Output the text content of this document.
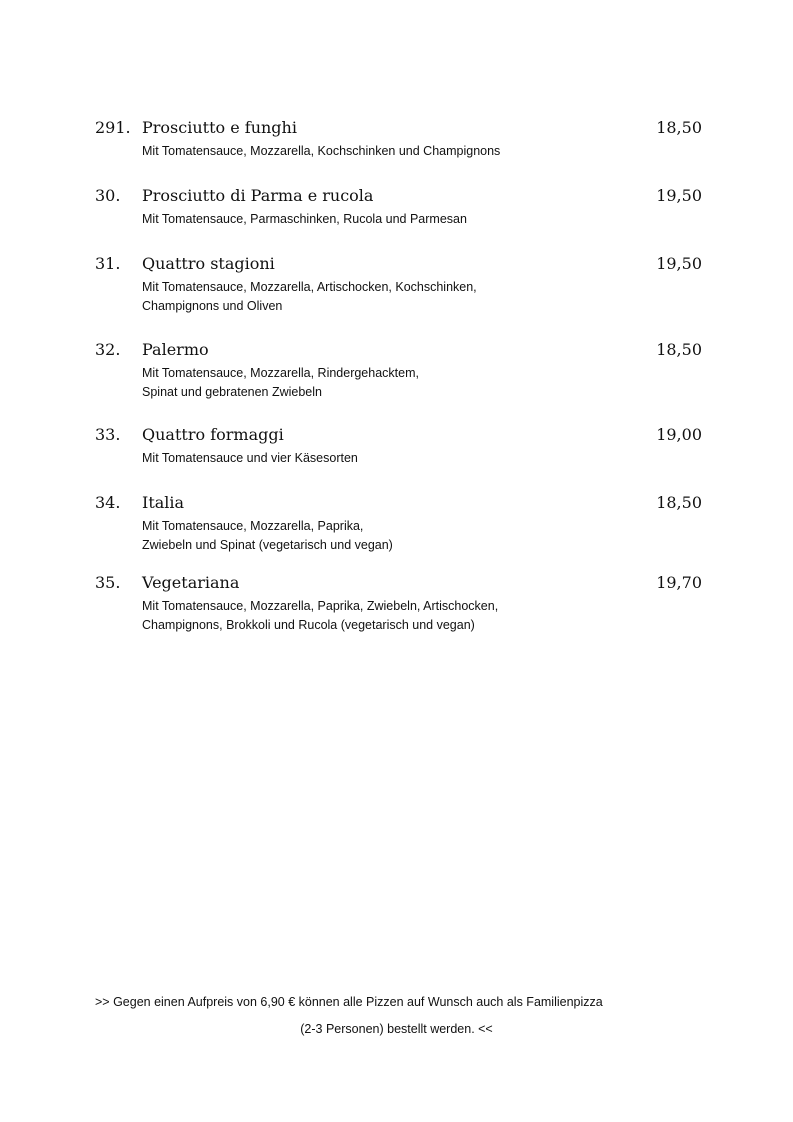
291. Prosciutto e funghi	18,50
Mit Tomatensauce, Mozzarella, Kochschinken und Champignons
30. Prosciutto di Parma e rucola	19,50
Mit Tomatensauce, Parmaschinken, Rucola und Parmesan
31. Quattro stagioni	19,50
Mit Tomatensauce, Mozzarella, Artischocken, Kochschinken,
Champignons und Oliven
32. Palermo	18,50
Mit Tomatensauce, Mozzarella, Rindergehacktem,
Spinat und gebratenen Zwiebeln
33. Quattro formaggi	19,00
Mit Tomatensauce und vier Käsesorten
34. Italia	18,50
Mit Tomatensauce, Mozzarella, Paprika,
Zwiebeln und Spinat (vegetarisch und vegan)
35. Vegetariana	19,70
Mit Tomatensauce, Mozzarella, Paprika, Zwiebeln, Artischocken,
Champignons, Brokkoli und Rucola (vegetarisch und vegan)
>> Gegen einen Aufpreis von 6,90 € können alle Pizzen auf Wunsch auch als Familienpizza
(2-3 Personen) bestellt werden. <<
